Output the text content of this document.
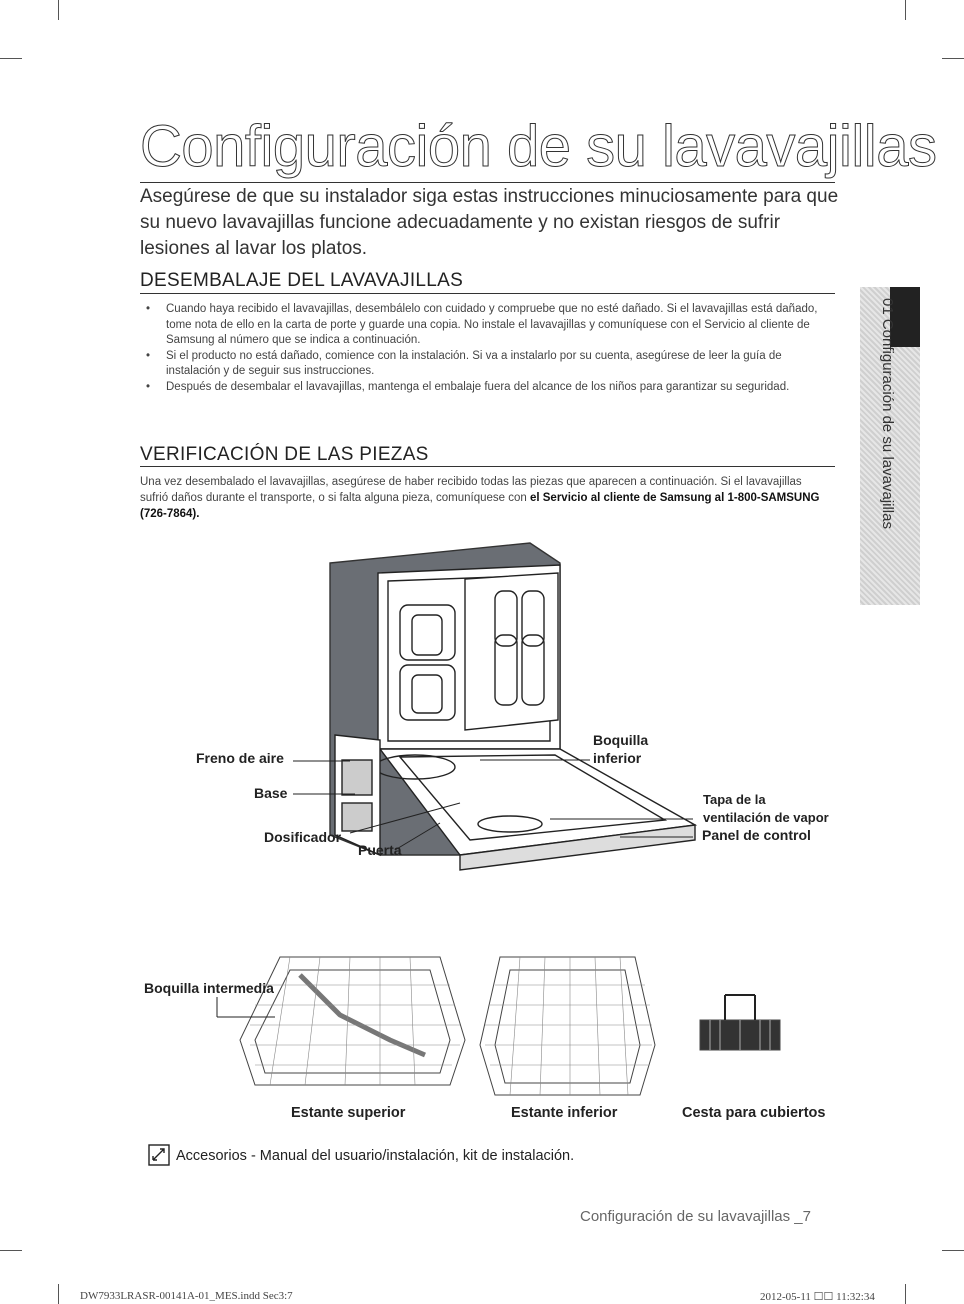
Configuración de su lavavajillas
Asegúrese de que su instalador siga estas instrucciones minuciosamente para que su nuevo lavavajillas funcione adecuadamente y no existan riesgos de sufrir lesiones al lavar los platos.
DESEMBALAJE DEL LAVAVAJILLAS
• Cuando haya recibido el lavavajillas, desembálelo con cuidado y compruebe que no esté dañado. Si el lavavajillas está dañado, tome nota de ello en la carta de porte y guarde una copia. No instale el lavavajillas y comuníquese con el Servicio al cliente de Samsung al número que se indica a continuación.
• Si el producto no está dañado, comience con la instalación. Si va a instalarlo por su cuenta, asegúrese de leer la guía de instalación y de seguir sus instrucciones.
• Después de desembalar el lavavajillas, mantenga el embalaje fuera del alcance de los niños para garantizar su seguridad.
VERIFICACIÓN DE LAS PIEZAS
Una vez desembalado el lavavajillas, asegúrese de haber recibido todas las piezas que aparecen a continuación. Si el lavavajillas sufrió daños durante el transporte, o si falta alguna pieza, comuníquese con el Servicio al cliente de Samsung al 1-800-SAMSUNG (726-7864).	01 Configuración de su lavavajillas
Freno de aire
Base
Dosificador
Puerta
Boquilla
inferior
Tapa de la
ventilación de vapor
Panel de control
Boquilla intermedia
Estante superior	Estante inferior	Cesta para cubiertos
Accesorios - Manual del usuario/instalación, kit de instalación.
Configuración de su lavavajillas _7
DW7933LRASR-00141A-01_MES.indd Sec3:7	2012-05-11 ☐☐ 11:32:34
